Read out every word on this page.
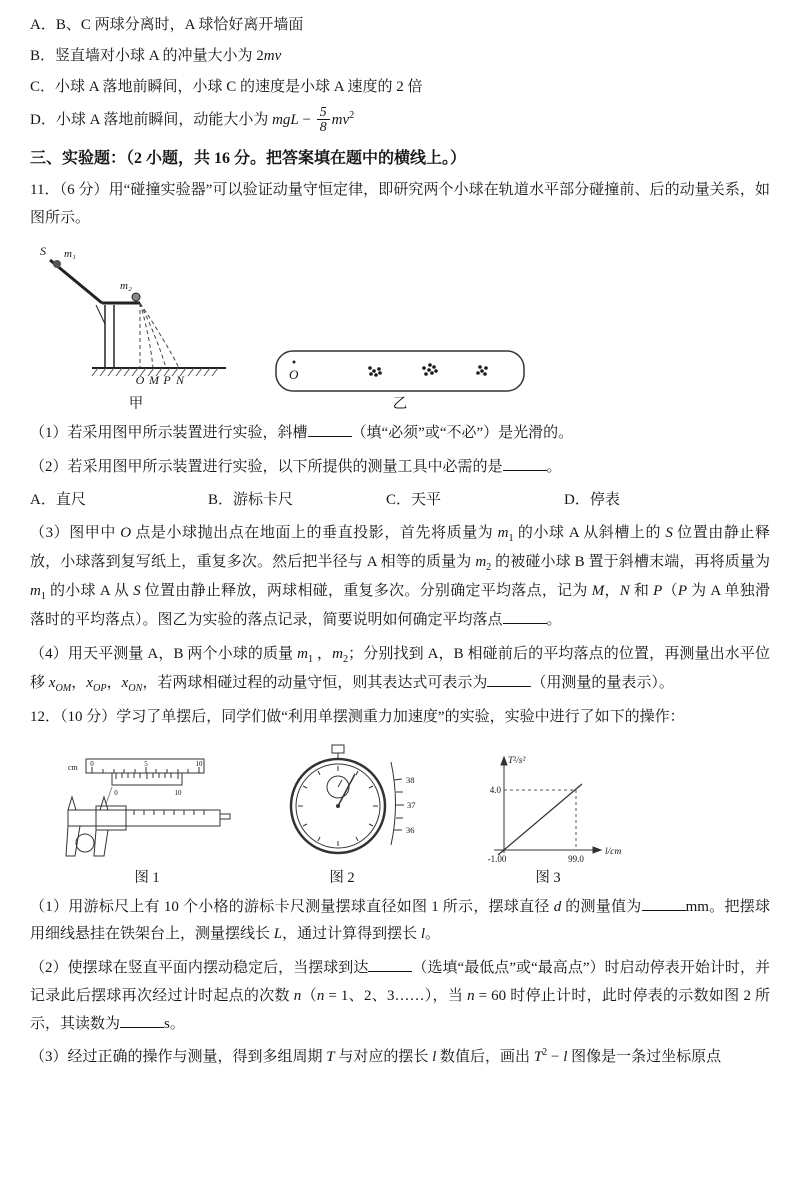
A．B、C 两球分离时，A 球恰好离开墙面
B．竖直墙对小球 A 的冲量大小为 2mv
C．小球 A 落地前瞬间，小球 C 的速度是小球 A 速度的 2 倍
D．小球 A 落地前瞬间，动能大小为 mgL − $\frac{5}{8} mv^2$
三、实验题：（2 小题，共 16 分。把答案填在题中的横线上。）
11．（6 分）用“碰撞实验器”可以验证动量守恒定律，即研究两个小球在轨道水平部分碰撞前、后的动量关系，如图所示。
S m₁
m₂
O M P N
甲
O
乙
（1）若采用图甲所示装置进行实验，斜槽	（填“必须”或“不必”）是光滑的。
（2）若采用图甲所示装置进行实验，以下所提供的测量工具中必需的是	。
A．直尺	B．游标卡尺	C．天平	D．停表
（3）图甲中 O 点是小球抛出点在地面上的垂直投影，首先将质量为 $m_1$ 的小球 A 从斜槽上的 S 位置由静止释放，小球落到复写纸上，重复多次。然后把半径与 A 相等的质量为 $m_2$ 的被碰小球 B 置于斜槽末端，再将质量为 $m_1$ 的小球 A 从 S 位置由静止释放，两球相碰，重复多次。分别确定平均落点，记为 M，N 和 P（P 为 A 单独滑落时的平均落点）。图乙为实验的落点记录，简要说明如何确定平均落点	。
（4）用天平测量 A，B 两个小球的质量 $m_1$ ，$m_2$；分别找到 A，B 相碰前后的平均落点的位置，再测量出水平位移 $x_{OM}$，$x_{OP}$，$x_{ON}$，若两球相碰过程的动量守恒，则其表达式可表示为	（用测量的量表示）。
12．（10 分）学习了单摆后，同学们做“利用单摆测重力加速度”的实验，实验中进行了如下的操作：
cm 0	5	10
0	10
图 1
38
37
36
图 2
T²/s²
4.0
-1.00	99.0
l/cm
图 3
（1）用游标尺上有 10 个小格的游标卡尺测量摆球直径如图 1 所示，摆球直径 d 的测量值为	mm。把摆球用细线悬挂在铁架台上，测量摆线长 L，通过计算得到摆长 l。
（2）使摆球在竖直平面内摆动稳定后，当摆球到达	（选填“最低点”或“最高点”）时启动停表开始计时，并记录此后摆球再次经过计时起点的次数 n（n = 1、2、3……），当 n = 60 时停止计时，此时停表的示数如图 2 所示，其读数为	s。
（3）经过正确的操作与测量，得到多组周期 T 与对应的摆长 l 数值后，画出 $T^2 - l$ 图像是一条过坐标原点
